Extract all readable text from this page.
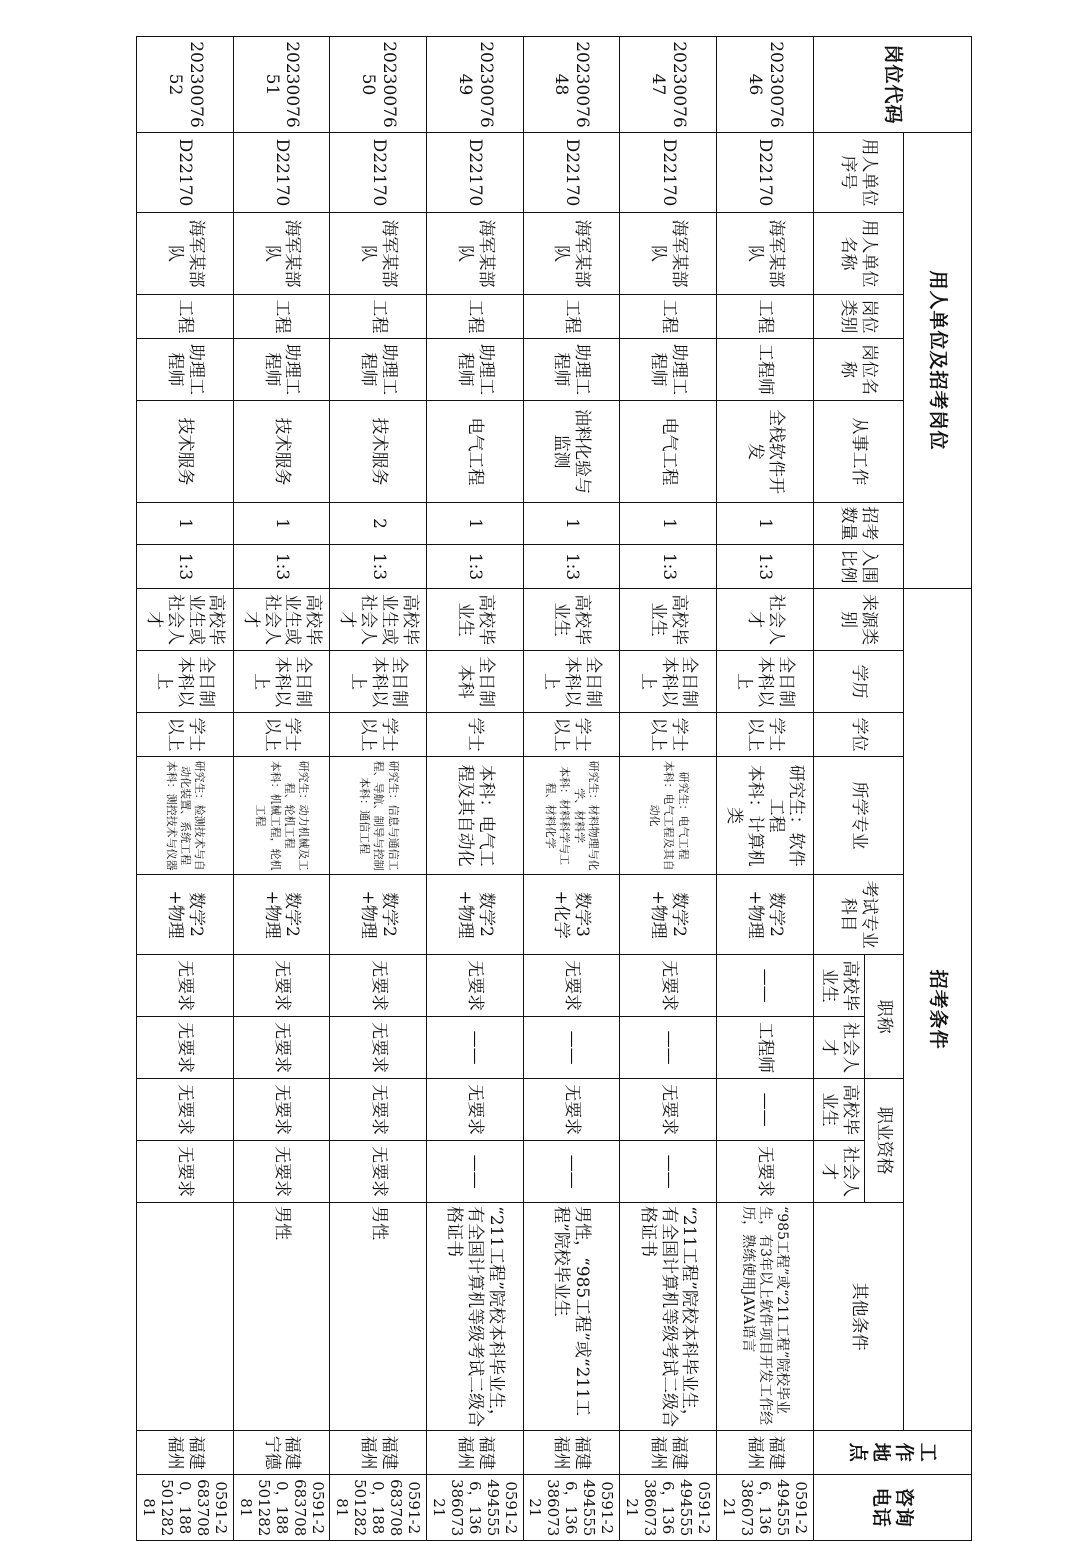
岗位代码	用人单位及招考岗位							招考条件										工作地点	咨询电话
	用人单位序号	用人单位名称	岗位类别	岗位名称	从事工作	招考数量	入围比例	来源类别	学历	学位	所学专业	考试专业科目	职称		职业资格		其他条件		
													高校毕业生	社会人才	高校毕业生	社会人才			
2023007646	D22170	海军某部队	工程	工程师	全栈软件开发	1	1:3	社会人才	全日制本科以上	学士以上	研究生：软件工程
本科：计算机类	数学2+物理	——	工程师	——	无要求	“985工程”或“211工程”院校毕业生，有3年以上软件项目开发工作经历，熟练使用JAVA语言	福建福州	0591-24945556，13638607321
2023007647	D22170	海军某部队	工程	助理工程师	电气工程	1	1:3	高校毕业生	全日制本科以上	学士以上	研究生：电气工程
本科：电气工程及其自动化	数学2+物理	无要求	——	无要求	——	“211工程”院校本科毕业生，有全国计算机等级考试二级合格证书	福建福州	0591-24945556，13638607321
2023007648	D22170	海军某部队	工程	助理工程师	油料化验与监测	1	1:3	高校毕业生	全日制本科以上	学士以上	研究生：材料物理与化学、材料学
本科：材料科学与工程、材料化学	数学3+化学	无要求	——	无要求	——	男性，“985工程”或“211工程”院校毕业生	福建福州	0591-24945556，13638607321
2023007649	D22170	海军某部队	工程	助理工程师	电气工程	1	1:3	高校毕业生	全日制本科	学士	本科：电气工程及其自动化	数学2+物理	无要求	——	无要求	——	“211工程”院校本科毕业生，有全国计算机等级考试二级合格证书	福建福州	0591-24945556，13638607321
2023007650	D22170	海军某部队	工程	助理工程师	技术服务	2	1:3	高校毕业生或社会人才	全日制本科以上	学士以上	研究生：信息与通信工程、导航、制导与控制
本科：通信工程	数学2+物理	无要求	无要求	无要求	无要求	男性	福建福州	0591-26837080，18850128281
2023007651	D22170	海军某部队	工程	助理工程师	技术服务	1	1:3	高校毕业生或社会人才	全日制本科以上	学士以上	研究生：动力机械及工程、轮机工程
本科：机械工程，轮机工程	数学2+物理	无要求	无要求	无要求	无要求	男性	福建宁德	0591-26837080，18850128281
2023007652	D22170	海军某部队	工程	助理工程师	技术服务	1	1:3	高校毕业生或社会人才	全日制本科以上	学士以上	研究生：检测技术与自动化装置、系统工程
本科：测控技术与仪器	数学2+物理	无要求	无要求	无要求	无要求		福建福州	0591-26837080，18850128281
